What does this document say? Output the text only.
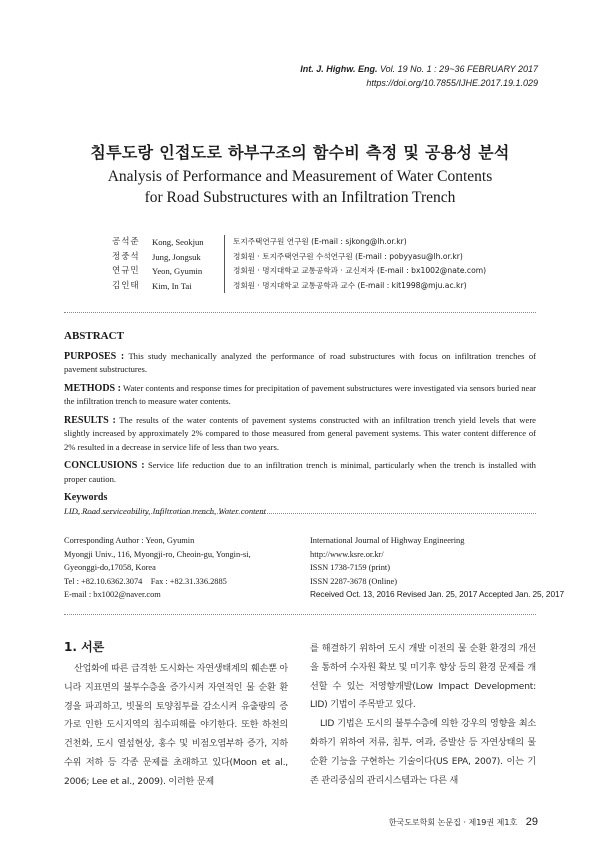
Int. J. Highw. Eng. Vol. 19 No. 1 : 29~36 FEBRUARY 2017
https://doi.org/10.7855/IJHE.2017.19.1.029
침투도랑 인접도로 하부구조의 함수비 측정 및 공용성 분석
Analysis of Performance and Measurement of Water Contents
for Road Substructures with an Infiltration Trench
공석준	Kong, Seokjun	토지주택연구원 연구원 (E-mail : sjkong@lh.or.kr)
정중석	Jung, Jongsuk	정회원 · 토지주택연구원 수석연구원 (E-mail : pobyyasu@lh.or.kr)
연규민	Yeon, Gyumin	정회원 · 명지대학교 교통공학과 · 교신저자 (E-mail : bx1002@nate.com)
김인태	Kim, In Tai	정회원 · 명지대학교 교통공학과 교수 (E-mail : kit1998@mju.ac.kr)
ABSTRACT

PURPOSES : This study mechanically analyzed the performance of road substructures with focus on infiltration trenches of pavement substructures.

METHODS : Water contents and response times for precipitation of pavement substructures were investigated via sensors buried near the infiltration trench to measure water contents.

RESULTS : The results of the water contents of pavement systems constructed with an infiltration trench yield levels that were slightly increased by approximately 2% compared to those measured from general pavement systems. This water content difference of 2% resulted in a decrease in service life of less than two years.

CONCLUSIONS : Service life reduction due to an infiltration trench is minimal, particularly when the trench is installed with proper caution.

Keywords
LID, Road serviceability, Infiltration trench, Water content
Corresponding Author : Yeon, Gyumin
Myongji Univ., 116, Myongji-ro, Cheoin-gu, Yongin-si,
Gyeonggi-do,17058, Korea
Tel : +82.10.6362.3074    Fax : +82.31.336.2885
E-mail : bx1002@naver.com
International Journal of Highway Engineering
http://www.ksre.or.kr/
ISSN 1738-7159 (print)
ISSN 2287-3678 (Online)
Received Oct. 13, 2016 Revised Jan. 25, 2017 Accepted Jan. 25, 2017
1. 서론

산업화에 따른 급격한 도시화는 자연생태계의 훼손뿐 아니라 지표면의 불투수층을 증가시켜 자연적인 물 순환 환경을 파괴하고, 빗물의 토양침투를 감소시켜 유출량의 증가로 인한 도시지역의 침수피해를 야기한다. 또한 하천의 건천화, 도시 열섬현상, 홍수 및 비점오염부하 증가, 지하수위 저하 등 각종 문제를 초래하고 있다(Moon et al., 2006; Lee et al., 2009). 이러한 문제

를 해결하기 위하여 도시 개발 이전의 물 순환 환경의 개선을 통하여 수자원 확보 및 미기후 향상 등의 환경 문제를 개선할 수 있는 저영향개발(Low Impact Development: LID) 기법이 주목받고 있다.

LID 기법은 도시의 불투수층에 의한 강우의 영향을 최소화하기 위하여 저류, 침투, 여과, 증발산 등 자연상태의 물순환 기능을 구현하는 기술이다(US EPA, 2007). 이는 기존 관리중심의 관리시스템과는 다른 새

한국도로학회 논문집 · 제19권 제1호 29
